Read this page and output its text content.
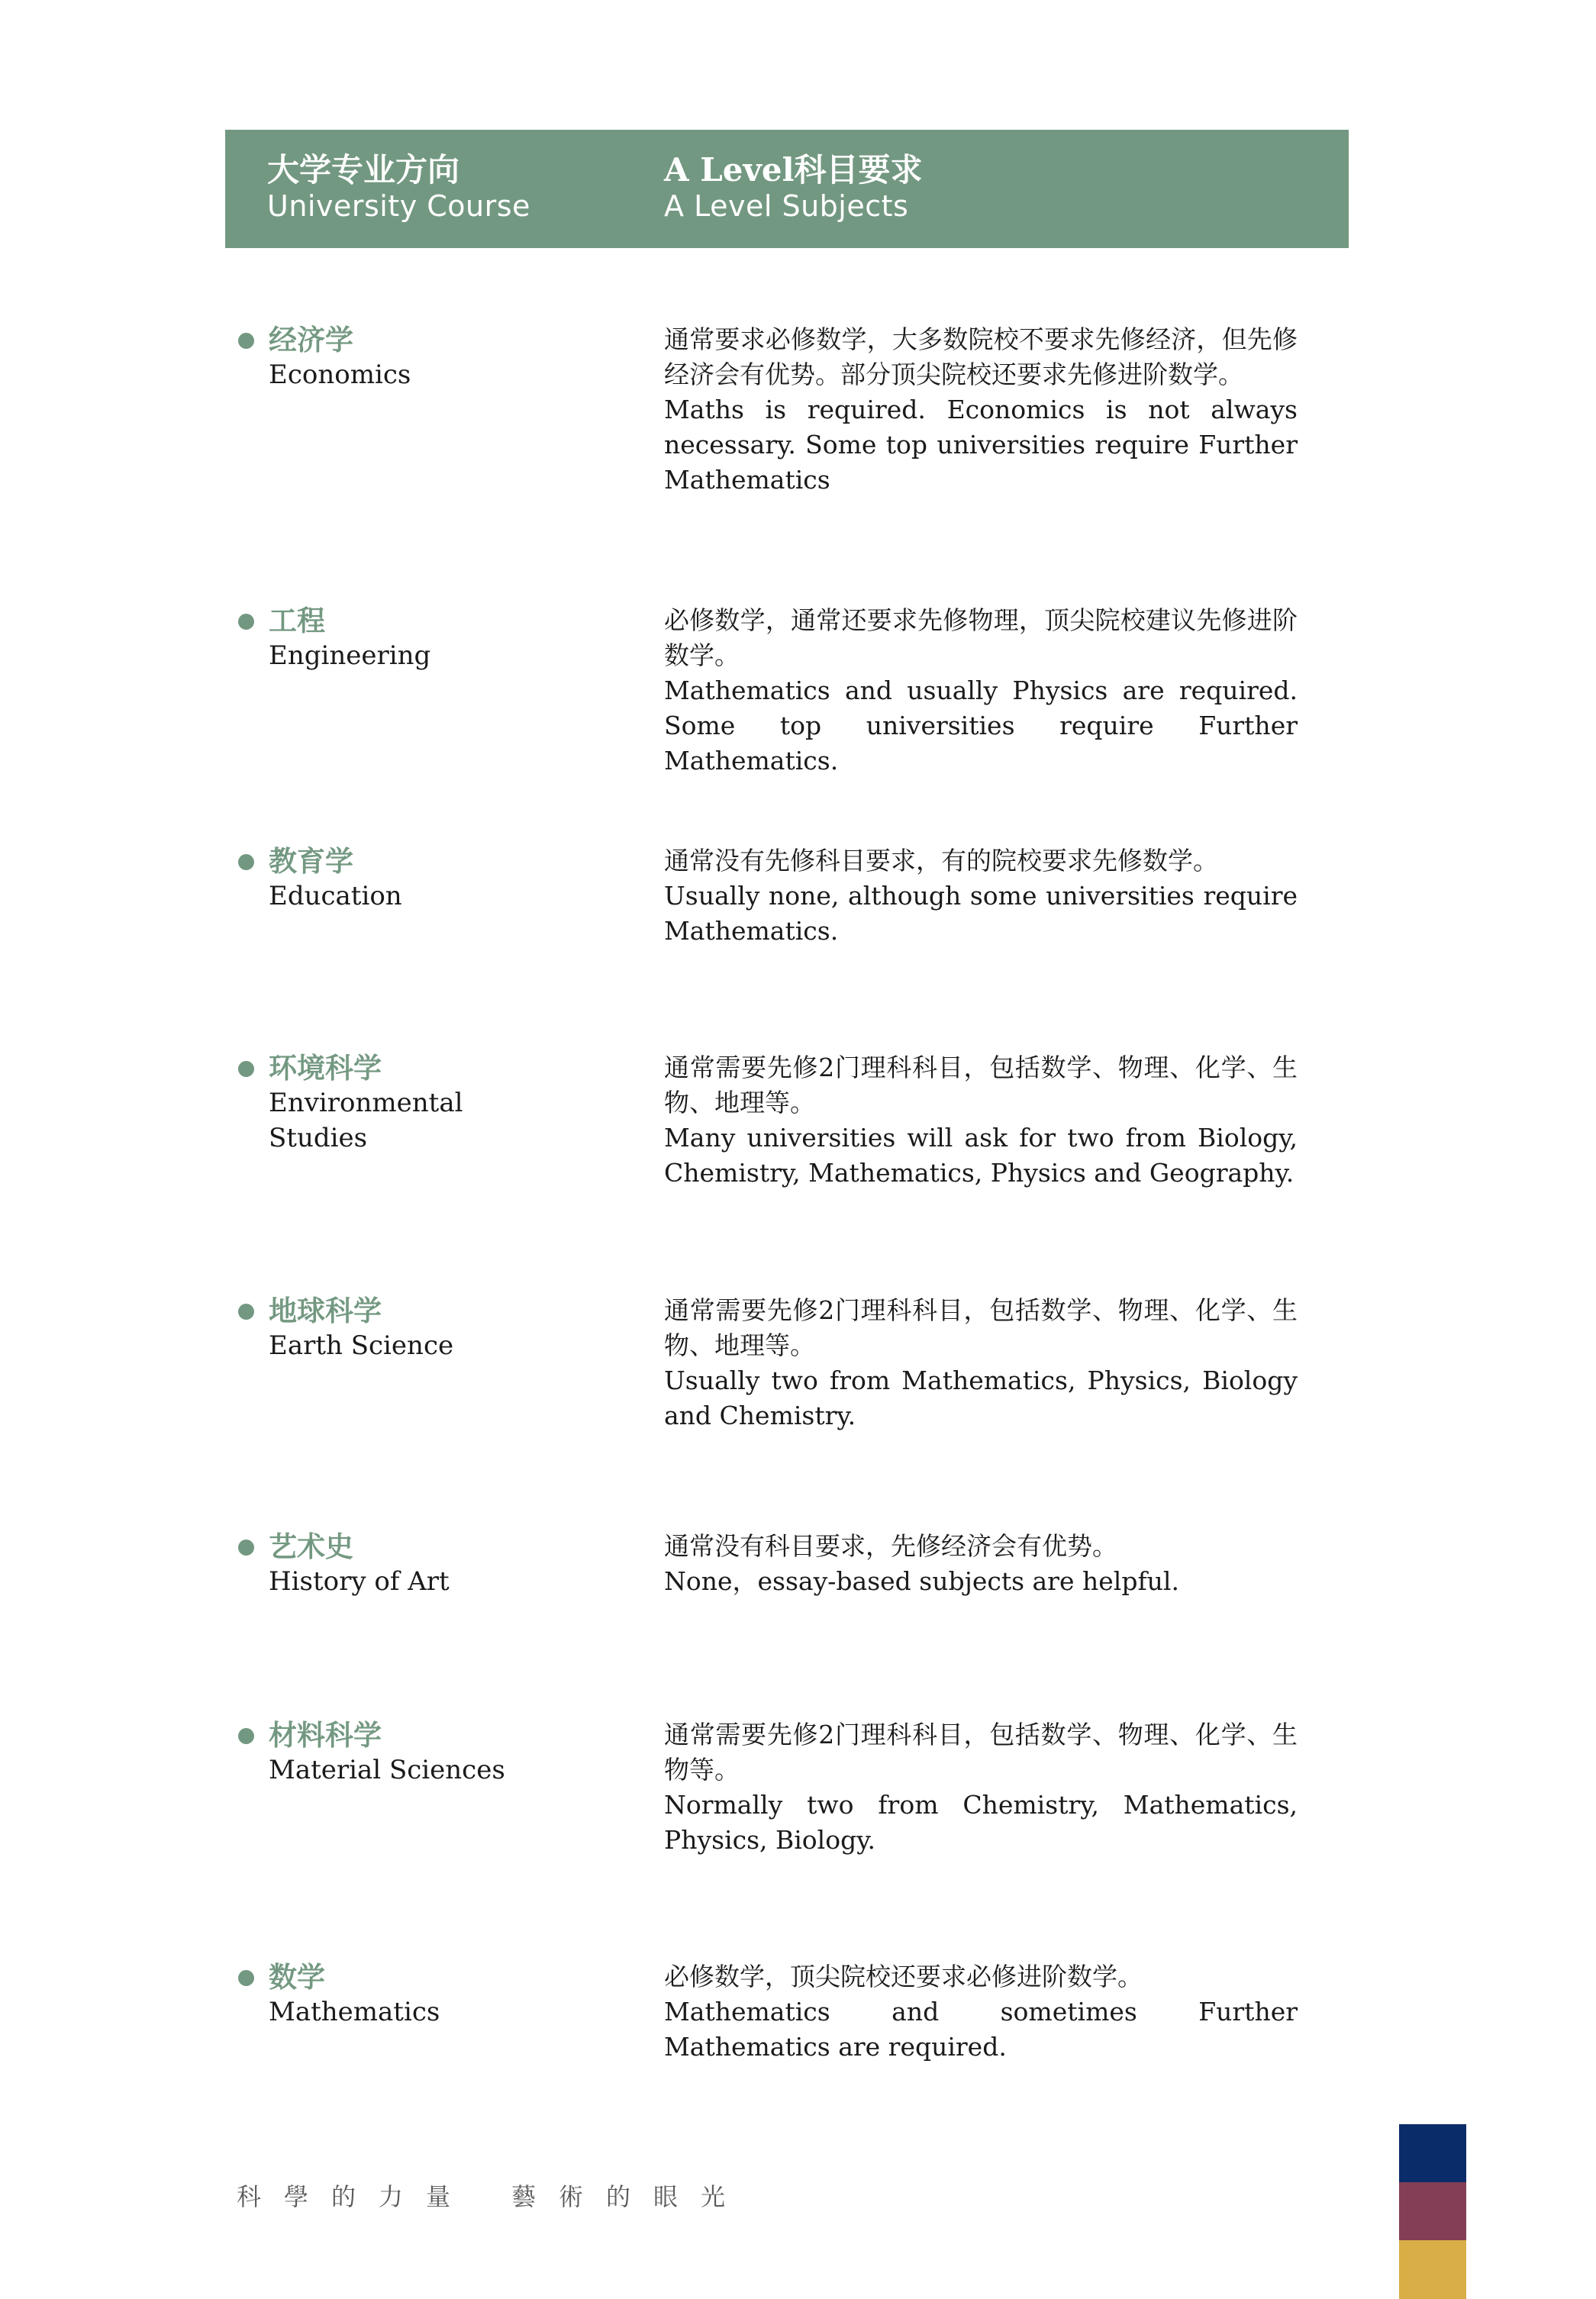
大学专业方向
University Course
A Level科目要求
A Level Subjects
经济学
Economics
通常要求必修数学，大多数院校不要求先修经济，但先修经济会有优势。部分顶尖院校还要求先修进阶数学。
Maths is required. Economics is not always necessary. Some top universities require Further Mathematics
工程
Engineering
必修数学，通常还要求先修物理，顶尖院校建议先修进阶数学。
Mathematics and usually Physics are required. Some top universities require Further Mathematics.
教育学
Education
通常没有先修科目要求，有的院校要求先修数学。
Usually none, although some universities require Mathematics.
环境科学
Environmental Studies
通常需要先修2门理科科目，包括数学、物理、化学、生物、地理等。
Many universities will ask for two from Biology, Chemistry, Mathematics, Physics and Geography.
地球科学
Earth Science
通常需要先修2门理科科目，包括数学、物理、化学、生物、地理等。
Usually two from Mathematics, Physics, Biology and Chemistry.
艺术史
History of Art
通常没有科目要求，先修经济会有优势。
None，essay-based subjects are helpful.
材料科学
Material Sciences
通常需要先修2门理科科目，包括数学、物理、化学、生物等。
Normally two from Chemistry, Mathematics, Physics, Biology.
数学
Mathematics
必修数学，顶尖院校还要求必修进阶数学。
Mathematics and sometimes Further Mathematics are required.
科學的力量 藝術的眼光
